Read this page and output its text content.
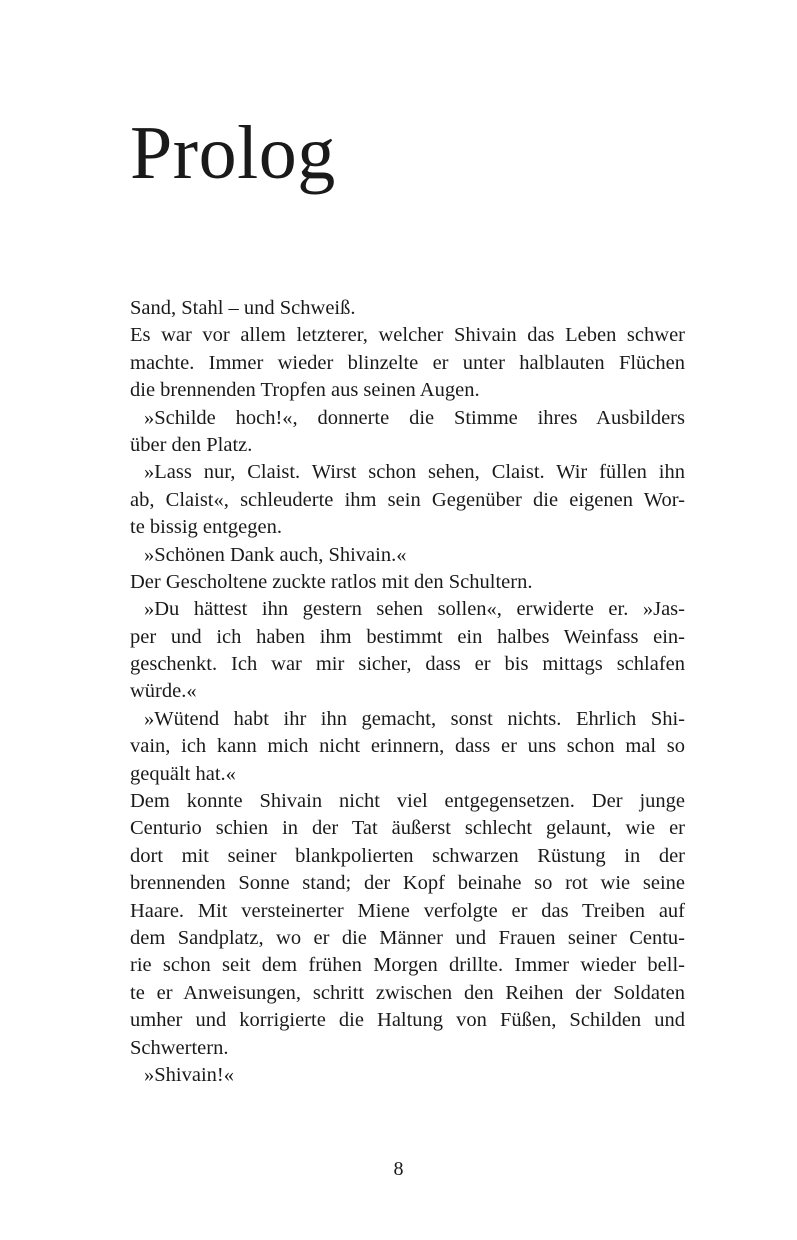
Prolog
Sand, Stahl – und Schweiß.
Es war vor allem letzterer, welcher Shivain das Leben schwer
machte. Immer wieder blinzelte er unter halblauten Flüchen
die brennenden Tropfen aus seinen Augen.
»Schilde hoch!«, donnerte die Stimme ihres Ausbilders
über den Platz.
»Lass nur, Claist. Wirst schon sehen, Claist. Wir füllen ihn
ab, Claist«, schleuderte ihm sein Gegenüber die eigenen Wor-
te bissig entgegen.
»Schönen Dank auch, Shivain.«
Der Gescholtene zuckte ratlos mit den Schultern.
»Du hättest ihn gestern sehen sollen«, erwiderte er. »Jas-
per und ich haben ihm bestimmt ein halbes Weinfass ein-
geschenkt. Ich war mir sicher, dass er bis mittags schlafen
würde.«
»Wütend habt ihr ihn gemacht, sonst nichts. Ehrlich Shi-
vain, ich kann mich nicht erinnern, dass er uns schon mal so
gequält hat.«
Dem konnte Shivain nicht viel entgegensetzen. Der junge
Centurio schien in der Tat äußerst schlecht gelaunt, wie er
dort mit seiner blankpolierten schwarzen Rüstung in der
brennenden Sonne stand; der Kopf beinahe so rot wie seine
Haare. Mit versteinerter Miene verfolgte er das Treiben auf
dem Sandplatz, wo er die Männer und Frauen seiner Centu-
rie schon seit dem frühen Morgen drillte. Immer wieder bell-
te er Anweisungen, schritt zwischen den Reihen der Soldaten
umher und korrigierte die Haltung von Füßen, Schilden und
Schwertern.
»Shivain!«
8
